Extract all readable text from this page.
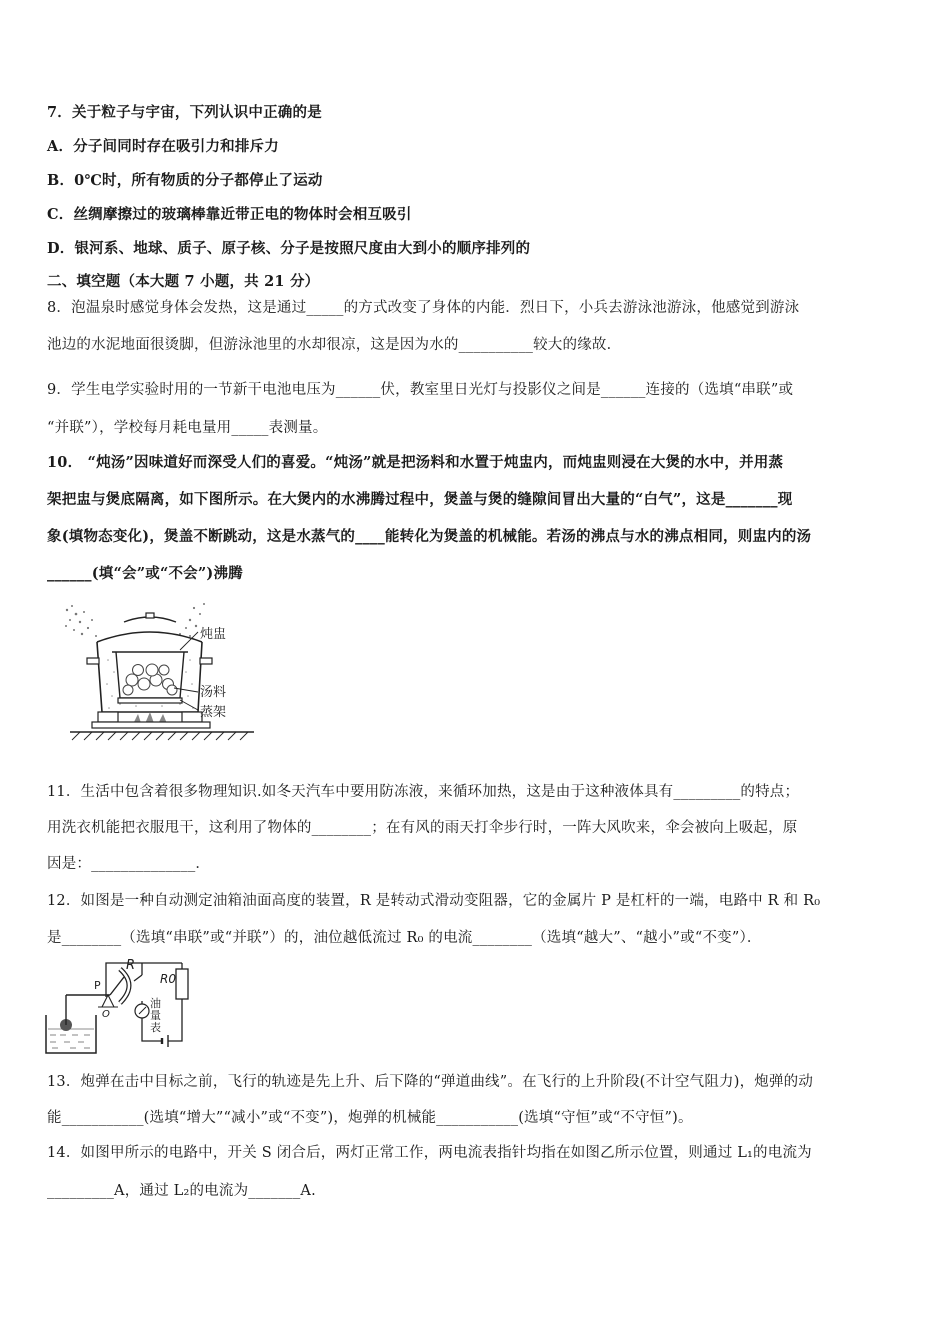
7．关于粒子与宇宙，下列认识中正确的是
A．分子间同时存在吸引力和排斥力
B．0℃时，所有物质的分子都停止了运动
C．丝绸摩擦过的玻璃棒靠近带正电的物体时会相互吸引
D．银河系、地球、质子、原子核、分子是按照尺度由大到小的顺序排列的
二、填空题（本大题 7 小题，共 21 分）
8．泡温泉时感觉身体会发热，这是通过_____的方式改变了身体的内能．烈日下，小兵去游泳池游泳，他感觉到游泳
池边的水泥地面很烫脚，但游泳池里的水却很凉，这是因为水的__________较大的缘故．
9．学生电学实验时用的一节新干电池电压为______伏，教室里日光灯与投影仪之间是______连接的（选填“串联”或
“并联”），学校每月耗电量用_____表测量。
10． “炖汤”因味道好而深受人们的喜爱。“炖汤”就是把汤料和水置于炖盅内，而炖盅则浸在大煲的水中，并用蒸
架把盅与煲底隔离，如下图所示。在大煲内的水沸腾过程中，煲盖与煲的缝隙间冒出大量的“白气”，这是_______现
象(填物态变化)，煲盖不断跳动，这是水蒸气的____能转化为煲盖的机械能。若汤的沸点与水的沸点相同，则盅内的汤
______(填“会”或“不会”)沸腾
炖盅
汤料
蒸架
11．生活中包含着很多物理知识.如冬天汽车中要用防冻液，来循环加热，这是由于这种液体具有_________的特点；
用洗衣机能把衣服甩干，这利用了物体的________；在有风的雨天打伞步行时，一阵大风吹来，伞会被向上吸起，原
因是：______________．
12．如图是一种自动测定油箱油面高度的装置，R 是转动式滑动变阻器，它的金属片 P 是杠杆的一端，电路中 R 和 R₀
是________（选填“串联”或“并联”）的，油位越低流过 R₀ 的电流________（选填“越大”、“越小”或“不变”）．
O
P
R
油
量
表
R0
13．炮弹在击中目标之前，飞行的轨迹是先上升、后下降的“弹道曲线”。在飞行的上升阶段(不计空气阻力)，炮弹的动
能___________(选填“增大”“减小”或“不变”)，炮弹的机械能___________(选填“守恒”或“不守恒”)。
14．如图甲所示的电路中，开关 S 闭合后，两灯正常工作，两电流表指针均指在如图乙所示位置，则通过 L₁的电流为
_________A，通过 L₂的电流为_______A.
